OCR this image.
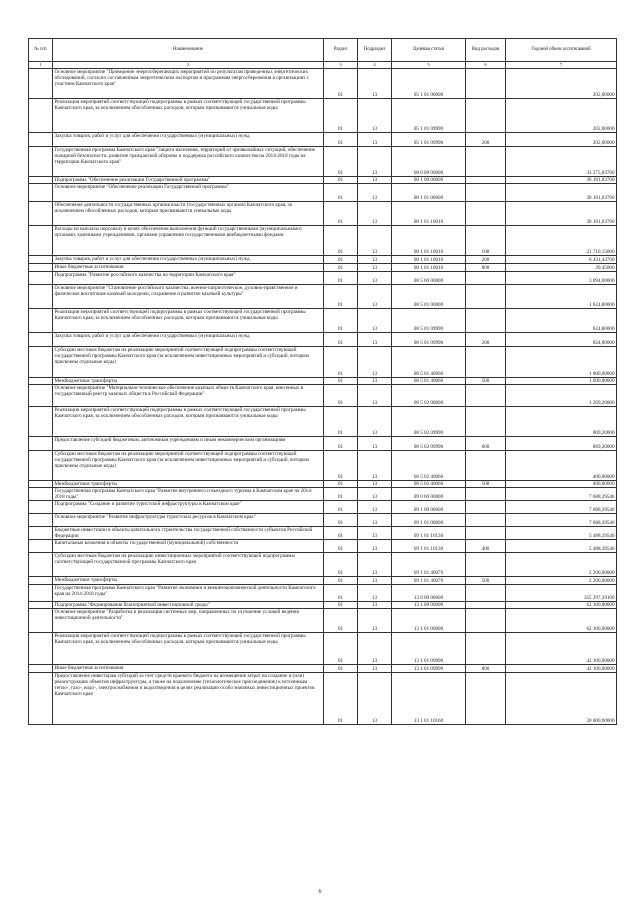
№ п/п	Наименование	Раздел	Подраздел	Целевая статья	Вид расходов	Годовой объем ассигнований
1	2	3	4	5	6	7
	Основное мероприятие "Проведение энергосберегающих мероприятий по результатам проведенных энергетических обследований, согласно составленным энергетическим паспортам и программам энергосбережения в организациях с участием Камчатского края"	01	13	05 1 01 00000		202,00000
	Реализация мероприятий соответствующей подпрограммы в рамках соответствующей государственной программы Камчатского края, за исключением обособленных расходов, которым присваиваются уникальные коды	01	13	05 1 01 09990		202,00000
	Закупка товаров, работ и услуг для обеспечения государственных (муниципальных) нужд	01	13	05 1 01 09990	200	202,00000
	Государственная программа Камчатского края "Защита населения, территорий от чрезвычайных ситуаций, обеспечение пожарной безопасности, развитие гражданской обороны и поддержка российского казачества на 2014-2018 годы на территории Камчатского края"	01	13	08 0 00 00000		33 275,03700
	Подпрограмма "Обеспечение реализации Государственной программы"	01	13	08 1 00 00000		30 181,03700
	Основное мероприятие "Обеспечение реализации Государственной программы"	01	13	08 1 01 00000		30 181,03700
	Обеспечение деятельности государственных органов власти (государственных органов) Камчатского края, за исключением обособленных расходов, которым присваиваются уникальные коды	01	13	08 1 01 10010		30 181,03700
	Расходы на выплаты персоналу в целях обеспечения выполнения функций государственными (муниципальными) органами, казенными учреждениями, органами управления государственными внебюджетными фондами	01	13	08 1 01 10010	100	21 710,15000
	Закупка товаров, работ и услуг для обеспечения государственных (муниципальных) нужд	01	13	08 1 01 10010	200	8 431,43700
	Иные бюджетные ассигнования	01	13	08 1 01 10010	800	39,45000
	Подпрограмма "Развитие российского казачества на территории Камчатского края"	01	13	08 5 00 00000		3 094,00000
	Основное мероприятие "Становление российского казачества, военно-патриотическое, духовно-нравственное и физическое воспитание казачьей молодежи, сохранение и развитие казачьей культуры"	01	13	08 5 01 00000		1 824,80000
	Реализация мероприятий соответствующей подпрограммы в рамках соответствующей государственной программы Камчатского края, за исключением обособленных расходов, которым присваиваются уникальные коды	01	13	08 5 01 09990		824,80000
	Закупка товаров, работ и услуг для обеспечения государственных (муниципальных) нужд	01	13	08 5 01 09990	200	824,80000
	Субсидии местным бюджетам на реализацию мероприятий соответствующей подпрограммы соответствующей государственной программы Камчатского края (за исключением инвестиционных мероприятий и субсидий, которым присвоены отдельные коды)	01	13	08 5 01 40060		1 000,00000
	Межбюджетные трансферты	01	13	08 5 01 40060	500	1 000,00000
	Основное мероприятие "Материально-техническое обеспечение казачьих обществ Камчатского края, внесенных в государственный реестр казачьих обществ в Российской Федерации"	01	13	08 5 02 00000		1 269,20000
	Реализация мероприятий соответствующей подпрограммы в рамках соответствующей государственной программы Камчатского края, за исключением обособленных расходов, которым присваиваются уникальные коды	01	13	08 5 02 09990		869,20000
	Предоставление субсидий бюджетным, автономным учреждениям и иным некоммерческим организациям	01	13	08 5 02 09990	600	869,20000
	Субсидии местным бюджетам на реализацию мероприятий соответствующей подпрограммы соответствующей государственной программы Камчатского края (за исключением инвестиционных мероприятий и субсидий, которым присвоены отдельные коды)	01	13	08 5 02 40060		400,00000
	Межбюджетные трансферты	01	13	08 5 02 40060	500	400,00000
	Государственная программа Камчатского края "Развитие внутреннего и въездного туризма в Камчатском крае на 2014-2018 годы"	01	13	09 0 00 00000		7 688,39546
	Подпрограмма "Создание и развитие туристской инфраструктуры в Камчатском крае"	01	13	09 1 00 00000		7 688,39546
	Основное мероприятие "Развитие инфраструктуры туристских ресурсов в Камчатском крае"	01	13	09 1 01 00000		7 688,39546
	Бюджетные инвестиции в объекты капитального строительства государственной собственности субъектов Российской Федерации	01	13	09 1 01 10130		5 488,39546
	Капитальные вложения в объекты государственной (муниципальной) собственности	01	13	09 1 01 10130	400	5 488,39546
	Субсидии местным бюджетам на реализацию инвестиционных мероприятий соответствующей подпрограммы соответствующей государственной программы Камчатского края	01	13	09 1 01 40070		2 200,00000
	Межбюджетные трансферты	01	13	09 1 01 40070	500	2 200,00000
	Государственная программа Камчатского края "Развитие экономики и внешнеэкономической деятельности Камчатского края на 2014-2018 годы"	01	13	13 0 00 00000		355 297,39100
	Подпрограмма "Формирование благоприятной инвестиционной среды"	01	13	13 1 00 00000		62 100,00000
	Основное мероприятие "Разработка и реализация системных мер, направленных на улучшение условий ведения инвестиционной деятельности"	01	13	13 1 01 00000		62 100,00000
	Реализация мероприятий соответствующей подпрограммы в рамках соответствующей государственной программы Камчатского края, за исключением обособленных расходов, которым присваиваются уникальные коды	01	13	13 1 01 09990		42 100,00000
	Иные бюджетные ассигнования	01	13	13 1 01 09990	800	42 100,00000
	Предоставление инвесторам субсидий за счет средств краевого бюджета на возмещение затрат на создание и (или) реконструкцию объектов инфраструктуры, а также на подключение (технологическое присоединение) к источникам тепло-, газо-, водо-, электроснабжения и водоотведения в целях реализации особо значимых инвестиционных проектов Камчатского края	01	13	13 1 01 10160		20 000,00000
6
